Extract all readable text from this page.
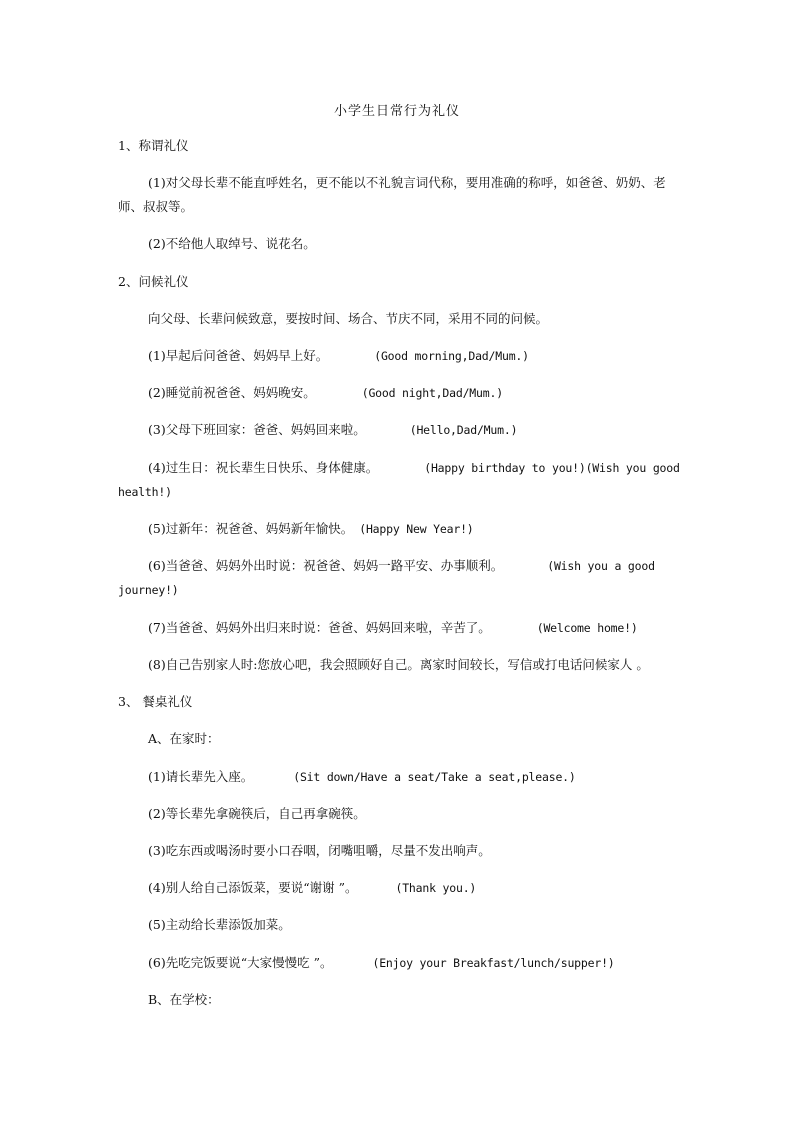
小学生日常行为礼仪
1、称谓礼仪
(1)对父母长辈不能直呼姓名，更不能以不礼貌言词代称，要用准确的称呼，如爸爸、奶奶、老师、叔叔等。
(2)不给他人取绰号、说花名。
2、问候礼仪
向父母、长辈问候致意，要按时间、场合、节庆不同，采用不同的问候。
(1)早起后问爸爸、妈妈早上好。	(Good morning,Dad/Mum.)
(2)睡觉前祝爸爸、妈妈晚安。	(Good night,Dad/Mum.)
(3)父母下班回家：爸爸、妈妈回来啦。	(Hello,Dad/Mum.)
(4)过生日：祝长辈生日快乐、身体健康。	(Happy birthday to you!)(Wish you good health!)
(5)过新年：祝爸爸、妈妈新年愉快。 (Happy New Year!)
(6)当爸爸、妈妈外出时说：祝爸爸、妈妈一路平安、办事顺利。	(Wish you a good journey!)
(7)当爸爸、妈妈外出归来时说：爸爸、妈妈回来啦，辛苦了。	(Welcome home!)
(8)自己告别家人时:您放心吧，我会照顾好自己。离家时间较长，写信或打电话问候家人 。
3、 餐桌礼仪
A、在家时：
(1)请长辈先入座。	(Sit down/Have a seat/Take a seat,please.)
(2)等长辈先拿碗筷后，自己再拿碗筷。
(3)吃东西或喝汤时要小口吞咽，闭嘴咀嚼，尽量不发出响声。
(4)别人给自己添饭菜，要说“谢谢 ”。	(Thank you.)
(5)主动给长辈添饭加菜。
(6)先吃完饭要说“大家慢慢吃 ”。	(Enjoy your Breakfast/lunch/supper!)
B、在学校：
